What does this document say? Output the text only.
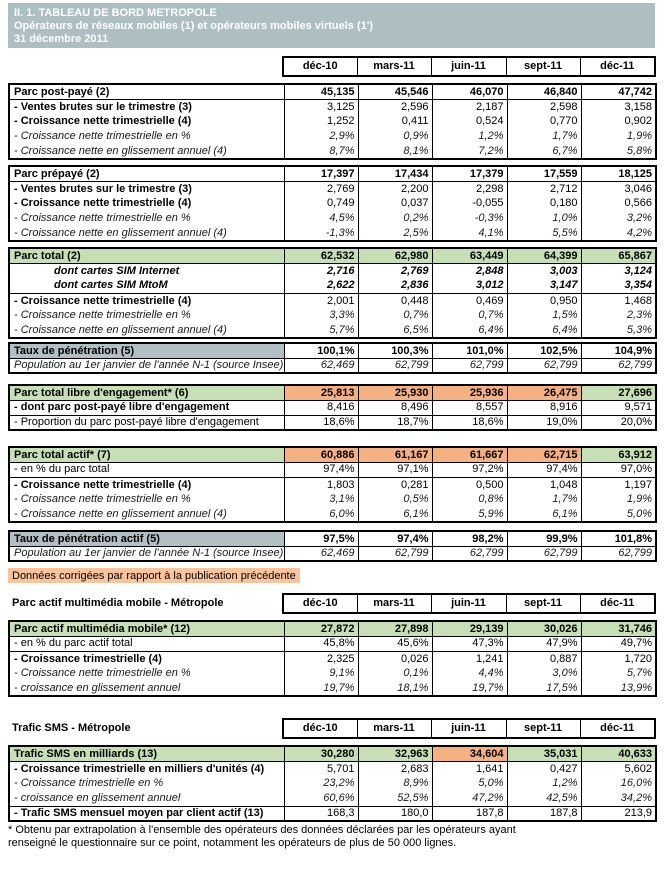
II. 1. TABLEAU DE BORD METROPOLE
Opérateurs de réseaux mobiles (1) et opérateurs mobiles virtuels (1')
31 décembre 2011
	déc-10	mars-11	juin-11	sept-11	déc-11
Parc post-payé (2)	45,135	45,546	46,070	46,840	47,742
- Ventes brutes sur le trimestre (3)	3,125	2,596	2,187	2,598	3,158
- Croissance nette trimestrielle (4)	1,252	0,411	0,524	0,770	0,902
- Croissance nette trimestrielle en %	2,9%	0,9%	1,2%	1,7%	1,9%
- Croissance nette en glissement annuel (4)	8,7%	8,1%	7,2%	6,7%	5,8%
Parc prépayé (2)	17,397	17,434	17,379	17,559	18,125
- Ventes brutes sur le trimestre (3)	2,769	2,200	2,298	2,712	3,046
- Croissance nette trimestrielle (4)	0,749	0,037	-0,055	0,180	0,566
- Croissance nette trimestrielle en %	4,5%	0,2%	-0,3%	1,0%	3,2%
- Croissance nette en glissement annuel (4)	-1,3%	2,5%	4,1%	5,5%	4,2%
Parc total (2)	62,532	62,980	63,449	64,399	65,867
dont cartes SIM Internet	2,716	2,769	2,848	3,003	3,124
dont cartes SIM MtoM	2,622	2,836	3,012	3,147	3,354
- Croissance nette trimestrielle (4)	2,001	0,448	0,469	0,950	1,468
- Croissance nette trimestrielle en %	3,3%	0,7%	0,7%	1,5%	2,3%
- Croissance nette en glissement annuel (4)	5,7%	6,5%	6,4%	6,4%	5,3%
Taux de pénétration (5)	100,1%	100,3%	101,0%	102,5%	104,9%
Population au 1er janvier de l'année N-1 (source Insee)	62,469	62,799	62,799	62,799	62,799
Parc total libre d'engagement* (6)	25,813	25,930	25,936	26,475	27,696
- dont parc post-payé libre d'engagement	8,416	8,496	8,557	8,916	9,571
- Proportion du parc post-payé libre d'engagement	18,6%	18,7%	18,6%	19,0%	20,0%
Parc total actif* (7)	60,886	61,167	61,667	62,715	63,912
- en % du parc total	97,4%	97,1%	97,2%	97,4%	97,0%
- Croissance nette trimestrielle (4)	1,803	0,281	0,500	1,048	1,197
- Croissance nette trimestrielle en %	3,1%	0,5%	0,8%	1,7%	1,9%
- Croissance nette en glissement annuel (4)	6,0%	6,1%	5,9%	6,1%	5,0%
Taux de pénétration actif (5)	97,5%	97,4%	98,2%	99,9%	101,8%
Population au 1er janvier de l'année N-1 (source Insee)	62,469	62,799	62,799	62,799	62,799
Données corrigées par rapport à la publication précédente
Parc actif multimédia mobile - Métropole	déc-10	mars-11	juin-11	sept-11	déc-11
Parc actif multimédia mobile* (12)	27,872	27,898	29,139	30,026	31,746
- en % du parc actif total	45,8%	45,6%	47,3%	47,9%	49,7%
- Croissance trimestrielle (4)	2,325	0,026	1,241	0,887	1,720
- Croissance nette trimestrielle en %	9,1%	0,1%	4,4%	3,0%	5,7%
- croissance en glissement annuel	19,7%	18,1%	19,7%	17,5%	13,9%
Trafic SMS - Métropole	déc-10	mars-11	juin-11	sept-11	déc-11
Trafic SMS en milliards (13)	30,280	32,963	34,604	35,031	40,633
- Croissance trimestrielle en milliers d'unités (4)	5,701	2,683	1,641	0,427	5,602
- Croissance trimestrielle en %	23,2%	8,9%	5,0%	1,2%	16,0%
- croissance en glissement annuel	60,6%	52,5%	47,2%	42,5%	34,2%
- Trafic SMS mensuel moyen par client actif (13)	168,3	180,0	187,8	187,8	213,9
* Obtenu par extrapolation à l'ensemble des opérateurs des données déclarées par les opérateurs ayant
renseigné le questionnaire sur ce point, notamment les opérateurs de plus de 50 000 lignes.
